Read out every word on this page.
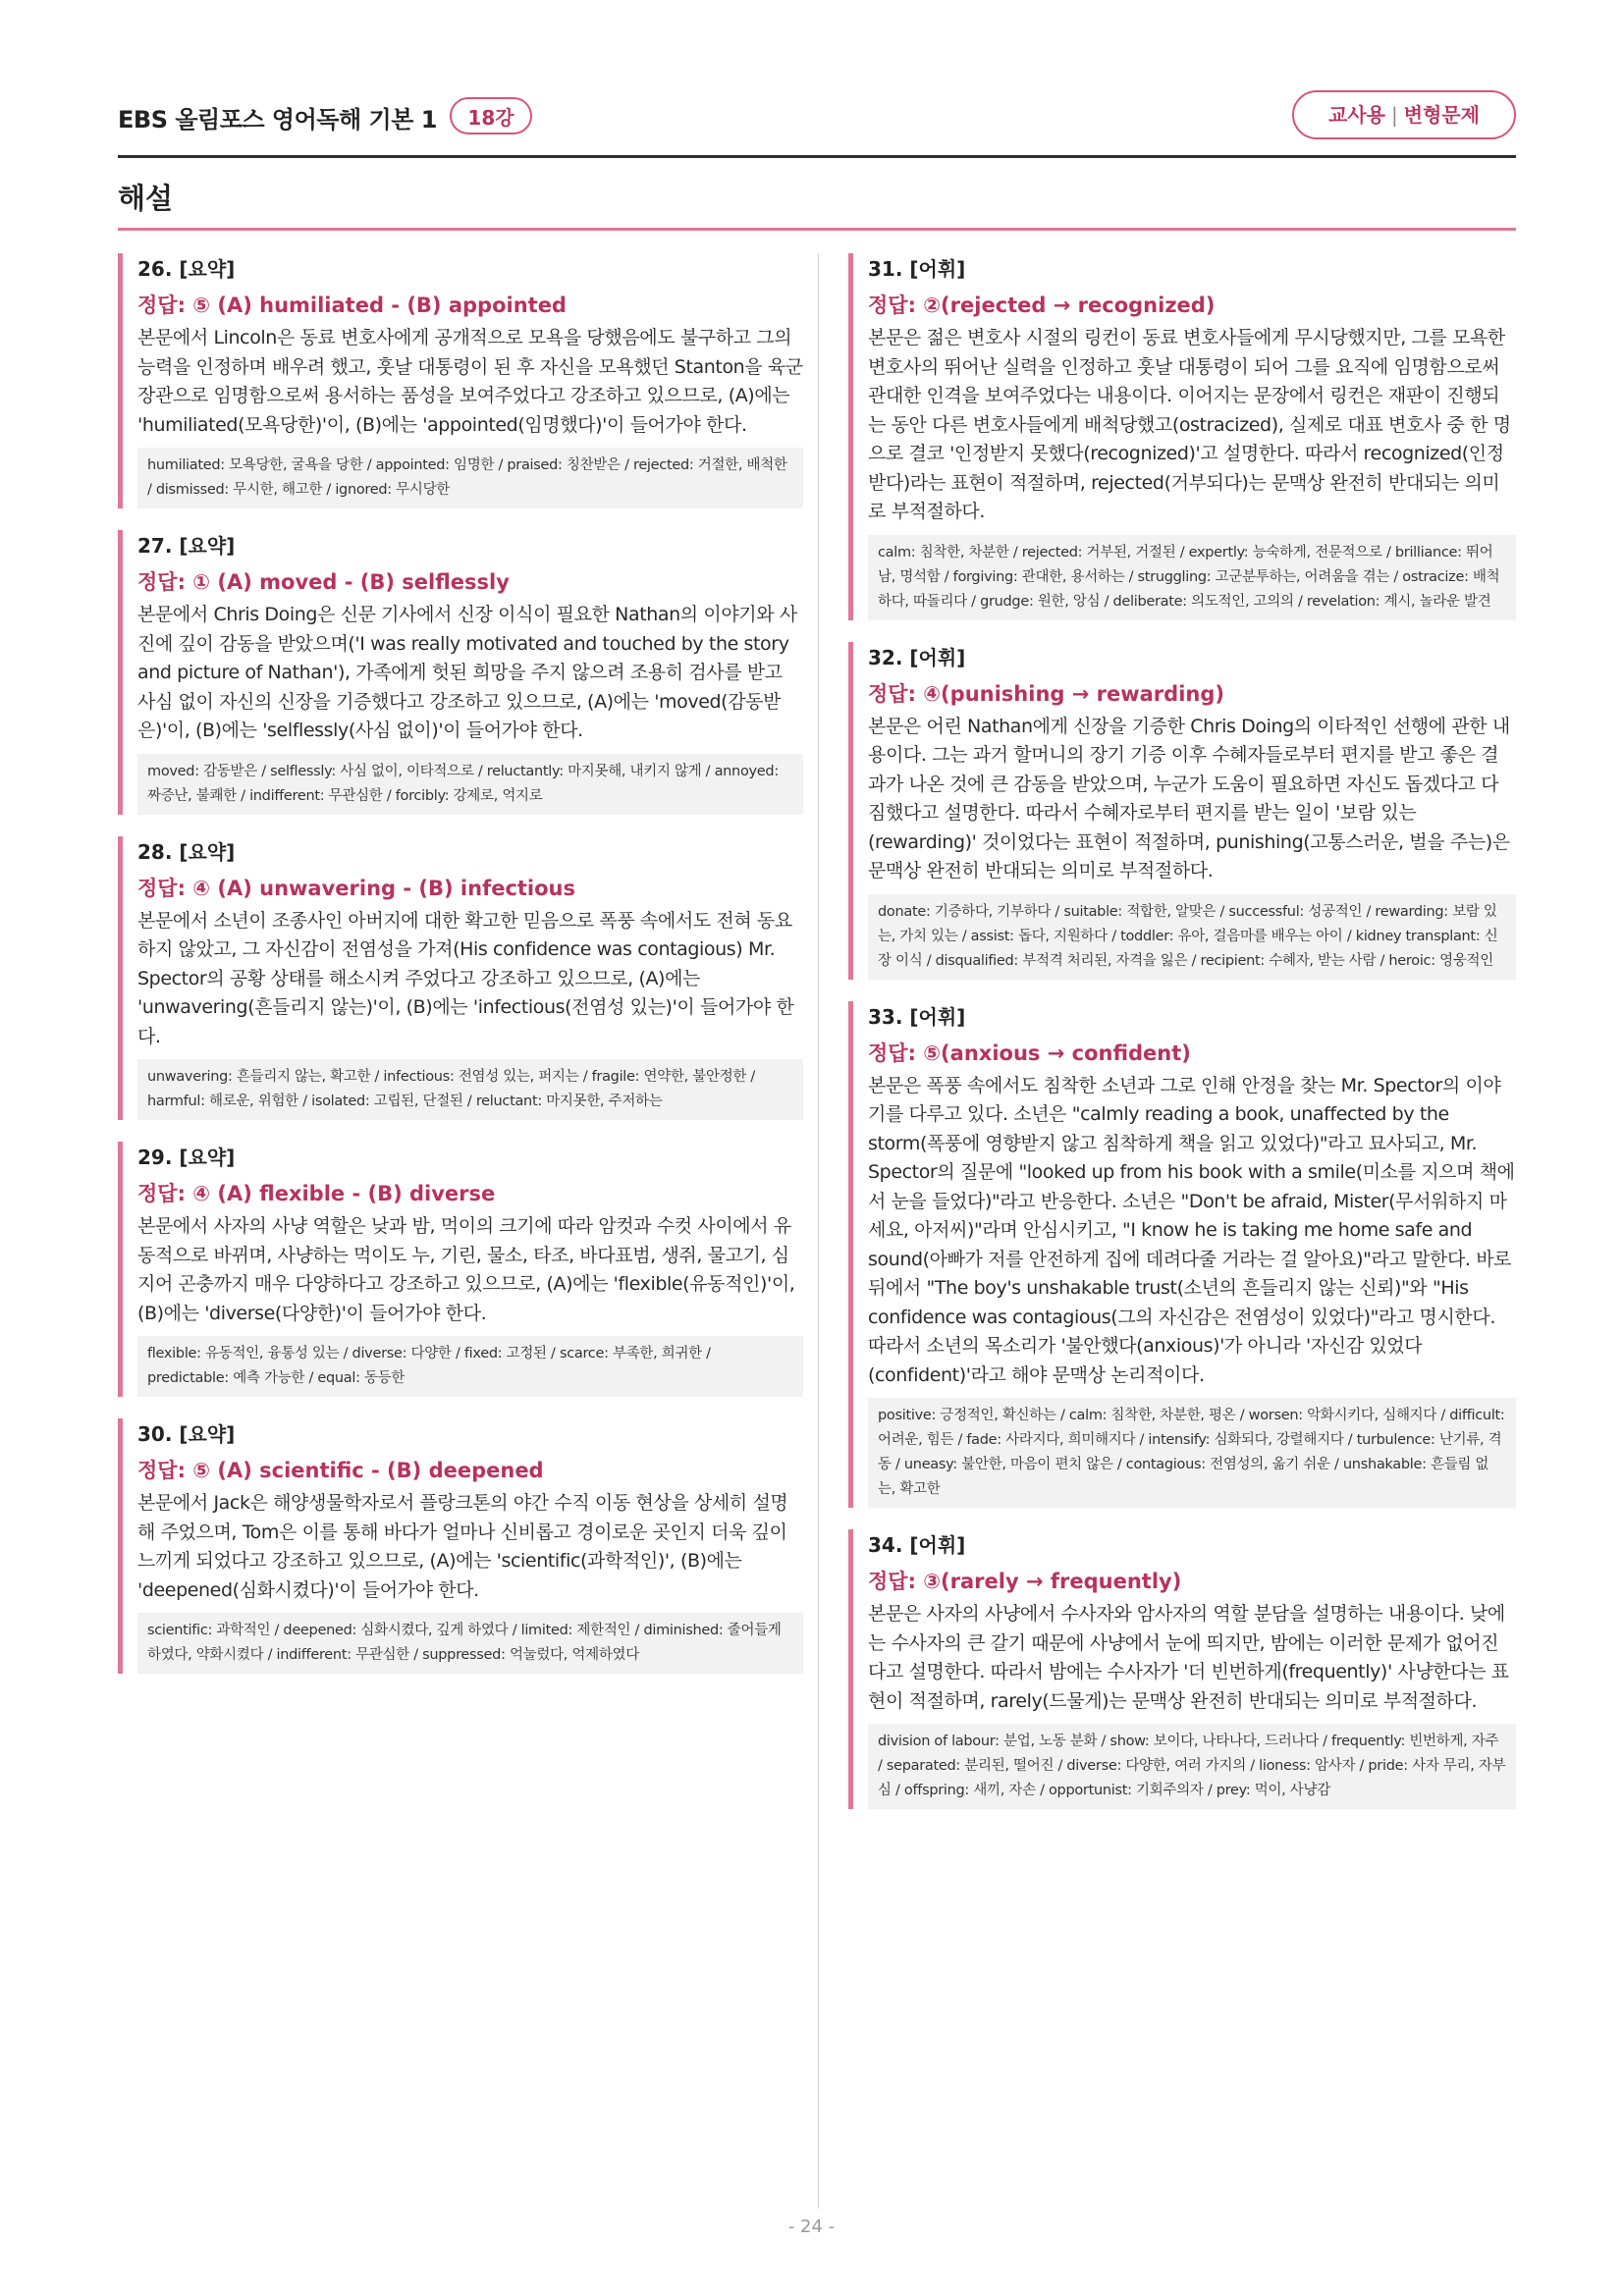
EBS 올림포스 영어독해 기본 1	18강	교사용 | 변형문제
해설
26. [요약]
정답: ⑤ (A) humiliated - (B) appointed
본문에서 Lincoln은 동료 변호사에게 공개적으로 모욕을 당했음에도 불구하고 그의 능력을 인정하며 배우려 했고, 훗날 대통령이 된 후 자신을 모욕했던 Stanton을 육군 장관으로 임명함으로써 용서하는 품성을 보여주었다고 강조하고 있으므로, (A)에는 'humiliated(모욕당한)'이, (B)에는 'appointed(임명했다)'이 들어가야 한다.
humiliated: 모욕당한, 굴욕을 당한 / appointed: 임명한 / praised: 칭찬받은 / rejected: 거절한, 배척한 / dismissed: 무시한, 해고한 / ignored: 무시당한
27. [요약]
정답: ① (A) moved - (B) selflessly
본문에서 Chris Doing은 신문 기사에서 신장 이식이 필요한 Nathan의 이야기와 사진에 깊이 감동을 받았으며('I was really motivated and touched by the story and picture of Nathan'), 가족에게 헛된 희망을 주지 않으려 조용히 검사를 받고 사심 없이 자신의 신장을 기증했다고 강조하고 있으므로, (A)에는 'moved(감동받은)'이, (B)에는 'selflessly(사심 없이)'이 들어가야 한다.
moved: 감동받은 / selflessly: 사심 없이, 이타적으로 / reluctantly: 마지못해, 내키지 않게 / annoyed: 짜증난, 불쾌한 / indifferent: 무관심한 / forcibly: 강제로, 억지로
28. [요약]
정답: ④ (A) unwavering - (B) infectious
본문에서 소년이 조종사인 아버지에 대한 확고한 믿음으로 폭풍 속에서도 전혀 동요하지 않았고, 그 자신감이 전염성을 가져(His confidence was contagious) Mr. Spector의 공황 상태를 해소시켜 주었다고 강조하고 있으므로, (A)에는 'unwavering(흔들리지 않는)'이, (B)에는 'infectious(전염성 있는)'이 들어가야 한다.
unwavering: 흔들리지 않는, 확고한 / infectious: 전염성 있는, 퍼지는 / fragile: 연약한, 불안정한 / harmful: 해로운, 위험한 / isolated: 고립된, 단절된 / reluctant: 마지못한, 주저하는
29. [요약]
정답: ④ (A) flexible - (B) diverse
본문에서 사자의 사냥 역할은 낮과 밤, 먹이의 크기에 따라 암컷과 수컷 사이에서 유동적으로 바뀌며, 사냥하는 먹이도 누, 기린, 물소, 타조, 바다표범, 생쥐, 물고기, 심지어 곤충까지 매우 다양하다고 강조하고 있으므로, (A)에는 'flexible(유동적인)'이, (B)에는 'diverse(다양한)'이 들어가야 한다.
flexible: 유동적인, 융통성 있는 / diverse: 다양한 / fixed: 고정된 / scarce: 부족한, 희귀한 / predictable: 예측 가능한 / equal: 동등한
30. [요약]
정답: ⑤ (A) scientific - (B) deepened
본문에서 Jack은 해양생물학자로서 플랑크톤의 야간 수직 이동 현상을 상세히 설명해 주었으며, Tom은 이를 통해 바다가 얼마나 신비롭고 경이로운 곳인지 더욱 깊이 느끼게 되었다고 강조하고 있으므로, (A)에는 'scientific(과학적인)', (B)에는 'deepened(심화시켰다)'이 들어가야 한다.
scientific: 과학적인 / deepened: 심화시켰다, 깊게 하였다 / limited: 제한적인 / diminished: 줄어들게 하였다, 약화시켰다 / indifferent: 무관심한 / suppressed: 억눌렀다, 억제하였다
31. [어휘]
정답: ②(rejected → recognized)
본문은 젊은 변호사 시절의 링컨이 동료 변호사들에게 무시당했지만, 그를 모욕한 변호사의 뛰어난 실력을 인정하고 훗날 대통령이 되어 그를 요직에 임명함으로써 관대한 인격을 보여주었다는 내용이다. 이어지는 문장에서 링컨은 재판이 진행되는 동안 다른 변호사들에게 배척당했고(ostracized), 실제로 대표 변호사 중 한 명으로 결코 '인정받지 못했다(recognized)'고 설명한다. 따라서 recognized(인정받다)라는 표현이 적절하며, rejected(거부되다)는 문맥상 완전히 반대되는 의미로 부적절하다.
calm: 침착한, 차분한 / rejected: 거부된, 거절된 / expertly: 능숙하게, 전문적으로 / brilliance: 뛰어남, 명석함 / forgiving: 관대한, 용서하는 / struggling: 고군분투하는, 어려움을 겪는 / ostracize: 배척하다, 따돌리다 / grudge: 원한, 앙심 / deliberate: 의도적인, 고의의 / revelation: 계시, 놀라운 발견
32. [어휘]
정답: ④(punishing → rewarding)
본문은 어린 Nathan에게 신장을 기증한 Chris Doing의 이타적인 선행에 관한 내용이다. 그는 과거 할머니의 장기 기증 이후 수혜자들로부터 편지를 받고 좋은 결과가 나온 것에 큰 감동을 받았으며, 누군가 도움이 필요하면 자신도 돕겠다고 다짐했다고 설명한다. 따라서 수혜자로부터 편지를 받는 일이 '보람 있는(rewarding)' 것이었다는 표현이 적절하며, punishing(고통스러운, 벌을 주는)은 문맥상 완전히 반대되는 의미로 부적절하다.
donate: 기증하다, 기부하다 / suitable: 적합한, 알맞은 / successful: 성공적인 / rewarding: 보람 있는, 가치 있는 / assist: 돕다, 지원하다 / toddler: 유아, 걸음마를 배우는 아이 / kidney transplant: 신장 이식 / disqualified: 부적격 처리된, 자격을 잃은 / recipient: 수혜자, 받는 사람 / heroic: 영웅적인
33. [어휘]
정답: ⑤(anxious → confident)
본문은 폭풍 속에서도 침착한 소년과 그로 인해 안정을 찾는 Mr. Spector의 이야기를 다루고 있다. 소년은 "calmly reading a book, unaffected by the storm(폭풍에 영향받지 않고 침착하게 책을 읽고 있었다)"라고 묘사되고, Mr. Spector의 질문에 "looked up from his book with a smile(미소를 지으며 책에서 눈을 들었다)"라고 반응한다. 소년은 "Don't be afraid, Mister(무서워하지 마세요, 아저씨)"라며 안심시키고, "I know he is taking me home safe and sound(아빠가 저를 안전하게 집에 데려다줄 거라는 걸 알아요)"라고 말한다. 바로 뒤에서 "The boy's unshakable trust(소년의 흔들리지 않는 신뢰)"와 "His confidence was contagious(그의 자신감은 전염성이 있었다)"라고 명시한다. 따라서 소년의 목소리가 '불안했다(anxious)'가 아니라 '자신감 있었다(confident)'라고 해야 문맥상 논리적이다.
positive: 긍정적인, 확신하는 / calm: 침착한, 차분한, 평온 / worsen: 악화시키다, 심해지다 / difficult: 어려운, 힘든 / fade: 사라지다, 희미해지다 / intensify: 심화되다, 강렬해지다 / turbulence: 난기류, 격동 / uneasy: 불안한, 마음이 편치 않은 / contagious: 전염성의, 옮기 쉬운 / unshakable: 흔들림 없는, 확고한
34. [어휘]
정답: ③(rarely → frequently)
본문은 사자의 사냥에서 수사자와 암사자의 역할 분담을 설명하는 내용이다. 낮에는 수사자의 큰 갈기 때문에 사냥에서 눈에 띄지만, 밤에는 이러한 문제가 없어진다고 설명한다. 따라서 밤에는 수사자가 '더 빈번하게(frequently)' 사냥한다는 표현이 적절하며, rarely(드물게)는 문맥상 완전히 반대되는 의미로 부적절하다.
division of labour: 분업, 노동 분화 / show: 보이다, 나타나다, 드러나다 / frequently: 빈번하게, 자주 / separated: 분리된, 떨어진 / diverse: 다양한, 여러 가지의 / lioness: 암사자 / pride: 사자 무리, 자부심 / offspring: 새끼, 자손 / opportunist: 기회주의자 / prey: 먹이, 사냥감
- 24 -
